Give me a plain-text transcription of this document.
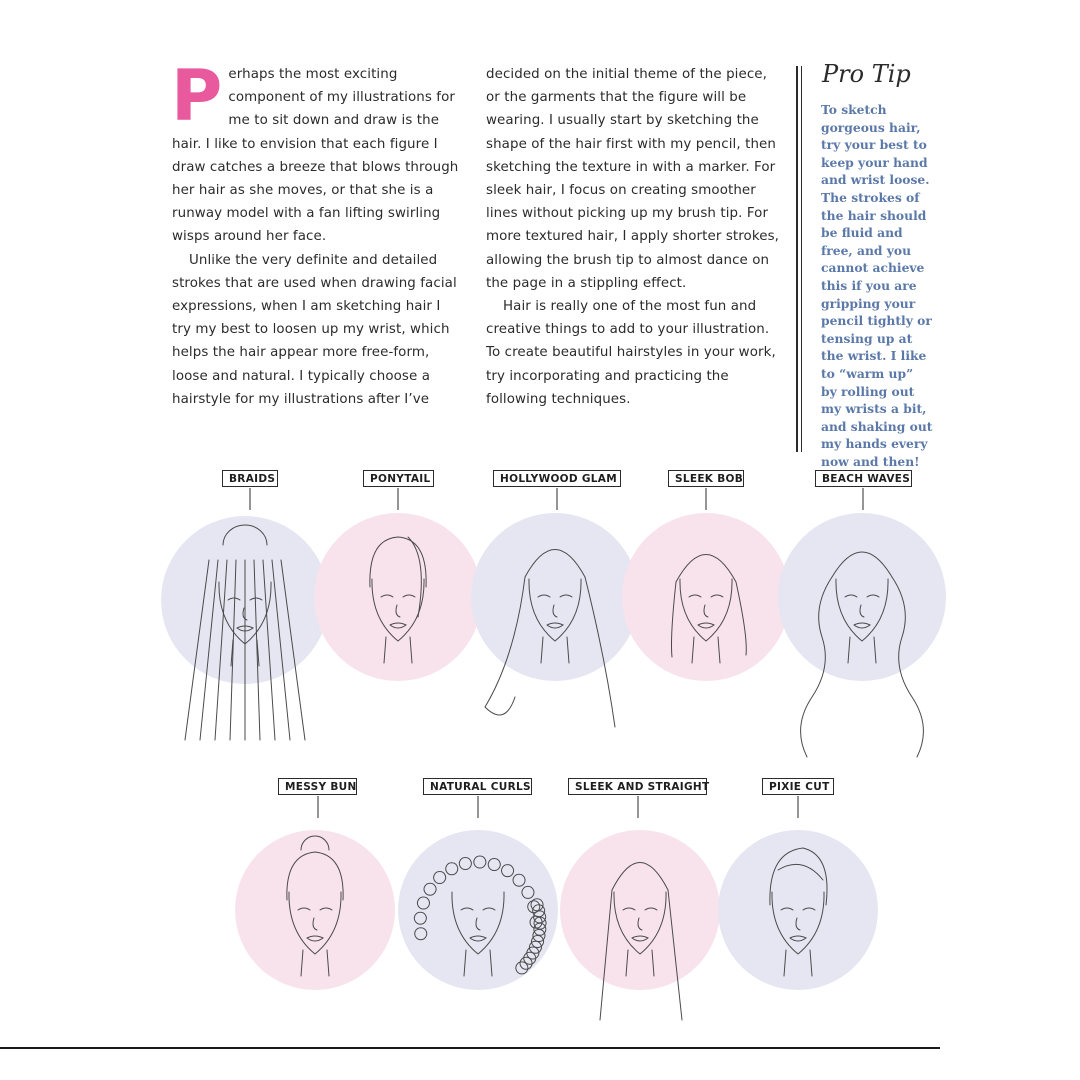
Perhaps the most exciting component of my illustrations for me to sit down and draw is the hair. I like to envision that each figure I draw catches a breeze that blows through her hair as she moves, or that she is a runway model with a fan lifting swirling wisps around her face.

Unlike the very definite and detailed strokes that are used when drawing facial expressions, when I am sketching hair I try my best to loosen up my wrist, which helps the hair appear more free-form, loose and natural. I typically choose a hairstyle for my illustrations after I’ve

decided on the initial theme of the piece, or the garments that the figure will be wearing. I usually start by sketching the shape of the hair first with my pencil, then sketching the texture in with a marker. For sleek hair, I focus on creating smoother lines without picking up my brush tip. For more textured hair, I apply shorter strokes, allowing the brush tip to almost dance on the page in a stippling effect.

Hair is really one of the most fun and creative things to add to your illustration. To create beautiful hairstyles in your work, try incorporating and practicing the following techniques.

Pro Tip
To sketch gorgeous hair, try your best to keep your hand and wrist loose. The strokes of the hair should be fluid and free, and you cannot achieve this if you are gripping your pencil tightly or tensing up at the wrist. I like to “warm up” by rolling out my wrists a bit, and shaking out my hands every now and then!
BRAIDS	PONYTAIL	HOLLYWOOD GLAM	SLEEK BOB	BEACH WAVES
MESSY BUN	NATURAL CURLS	SLEEK AND STRAIGHT	PIXIE CUT
